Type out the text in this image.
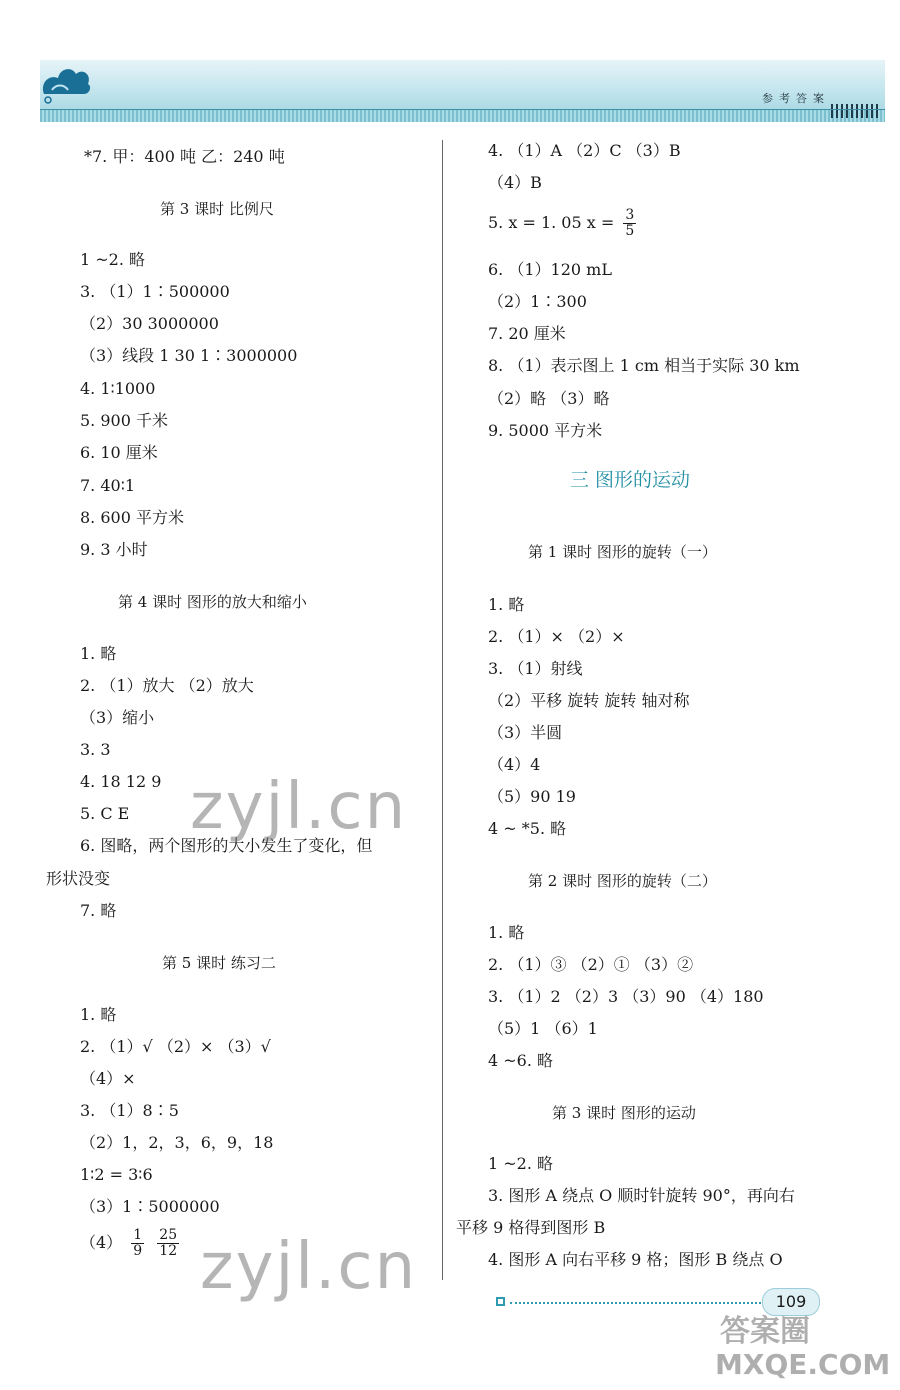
参考答案
*7. 甲：400 吨 乙：240 吨
第 3 课时 比例尺
1 ~2. 略
3. （1）1∶500000
（2）30 3000000
（3）线段 1 30 1∶3000000
4. 1∶1000
5. 900 千米
6. 10 厘米
7. 40∶1
8. 600 平方米
9. 3 小时
第 4 课时 图形的放大和缩小
1. 略
2. （1）放大 （2）放大
（3）缩小
3. 3
4. 18 12 9
5. C E
6. 图略，两个图形的大小发生了变化，但
形状没变
7. 略
第 5 课时 练习二
1. 略
2. （1）√ （2）× （3）√
（4）×
3. （1）8∶5
（2）1，2，3，6，9，18
1∶2 = 3∶6
（3）1∶5000000
$(4) \frac{1}{9}$
$\frac{25}{12}$
4. （1）A （2）C （3）B
（4）B
5. x = 1. 05 $x = \frac{3}{5}$
6. （1）120 mL
（2）1∶300
7. 20 厘米
8. （1）表示图上 1 cm 相当于实际 30 km
（2）略 （3）略
9. 5000 平方米
三 图形的运动
第 1 课时 图形的旋转（一）
1. 略
2. （1）× （2）×
3. （1）射线
（2）平移 旋转 旋转 轴对称
（3）半圆
（4）4
（5）90 19
4 ~ *5. 略
第 2 课时 图形的旋转（二）
1. 略
2. （1）③ （2）① （3）②
3. （1）2 （2）3 （3）90 （4）180
（5）1 （6）1
4 ~6. 略
第 3 课时 图形的运动
1 ~2. 略
3. 图形 A 绕点 O 顺时针旋转 90°，再向右
平移 9 格得到图形 B
4. 图形 A 向右平移 9 格；图形 B 绕点 O
109
zyjl.cn
zyjl.cn
答案圈
MXQE.COM
